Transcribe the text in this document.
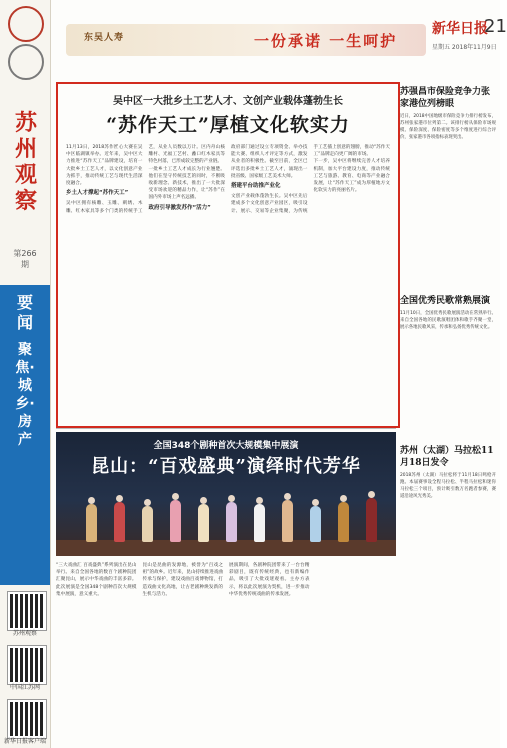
苏州观察
第266期
要闻
聚焦·城乡·房产
苏州观察
中国江苏网
新华日报客户端
东吴人寿	一份承诺 一生呵护
新华日报
21
星期五 2018年11月9日
吴中区一大批乡土工艺人才、文创产业载体蓬勃生长
“苏作天工”厚植文化软实力

11月13日，2018苏作匠心大赛在吴中区临湖镇举办。近年来，吴中区大力推进“苏作天工”品牌建设，培育一大批乡土工艺人才，以文化创意产业为抓手，推动传统工艺与现代生活深度融合。

乡土人才撑起“苏作天工”

吴中区拥有核雕、玉雕、刺绣、木雕、红木家具等多个门类的传统手工艺，从业人员数以万计。区内舟山核雕村、光福工艺村、蠡口红木家具等特色村落，已形成较完整的产业链。

一批乡土工艺人才成长为行业翘楚。他们在坚守传统技艺的同时，不断吸收新理念、新技术，推出了一大批深受市场欢迎的精品力作，让“苏作”在国内外市场上声名远播。

政府引导激发苏作“活力”

政府部门通过设立专项资金、举办技能大赛、组织人才评定等方式，激发从业者的积极性。截至目前，全区已评选出多批乡土工艺人才，涌现出一批省级、国家级工艺美术大师。

搭建平台助推产业化

文创产业载体蓬勃生长。吴中区先后建成多个文化创意产业园区，吸引设计、展示、交易等企业集聚，为传统手工艺插上创意的翅膀，推动“苏作天工”品牌走向更广阔的市场。

下一步，吴中区将继续完善人才培养机制，加大平台建设力度，推动传统工艺与旅游、教育、电商等产业融合发展，让“苏作天工”成为厚植地方文化软实力的亮丽名片。

苏强昌市保险竞争力张家港位列榜眼
近日，2018中国地级市保险竞争力排行榜发布，苏州张家港市位列第二。该排行榜从保险市场规模、保险深度、保险密度等多个维度进行综合评价，张家港市各项指标表现突出。
全国优秀民歌常熟展演
11月10日，全国优秀民歌展演活动在常熟举行。来自全国各地的民歌演唱团体和歌手齐聚一堂，展示各地民歌风采，传承和弘扬优秀传统文化。
苏州（太湖）马拉松11月18日发令
2018苏州（太湖）马拉松将于11月18日鸣枪开跑。本届赛事设全程马拉松、半程马拉松和迷你马拉松三个项目，预计吸引数万名跑者参赛，赛道沿途风光秀美。
全国348个剧种首次大规模集中展演
昆山：“百戏盛典”演绎时代芳华

“三大戏曲汇 百戏盛典”系列演出在昆山举行。来自全国各地的数百个剧种院团汇聚昆山，展示中华戏曲的丰富多彩。此次展演是全国348个剧种首次大规模集中展演，意义重大。

昆山是昆曲的发源地，被誉为“百戏之祖”的故乡。近年来，昆山持续推进戏曲传承与保护，建设戏曲百戏博物馆，打造戏曲文化高地，让古老剧种焕发新的生机与活力。

展演期间，各剧种院团带来了一台台精彩剧目，既有传统经典，也有新编作品，吸引了大批戏迷观看。主办方表示，将以此次展演为契机，进一步推动中华优秀传统戏曲的传承发展。
